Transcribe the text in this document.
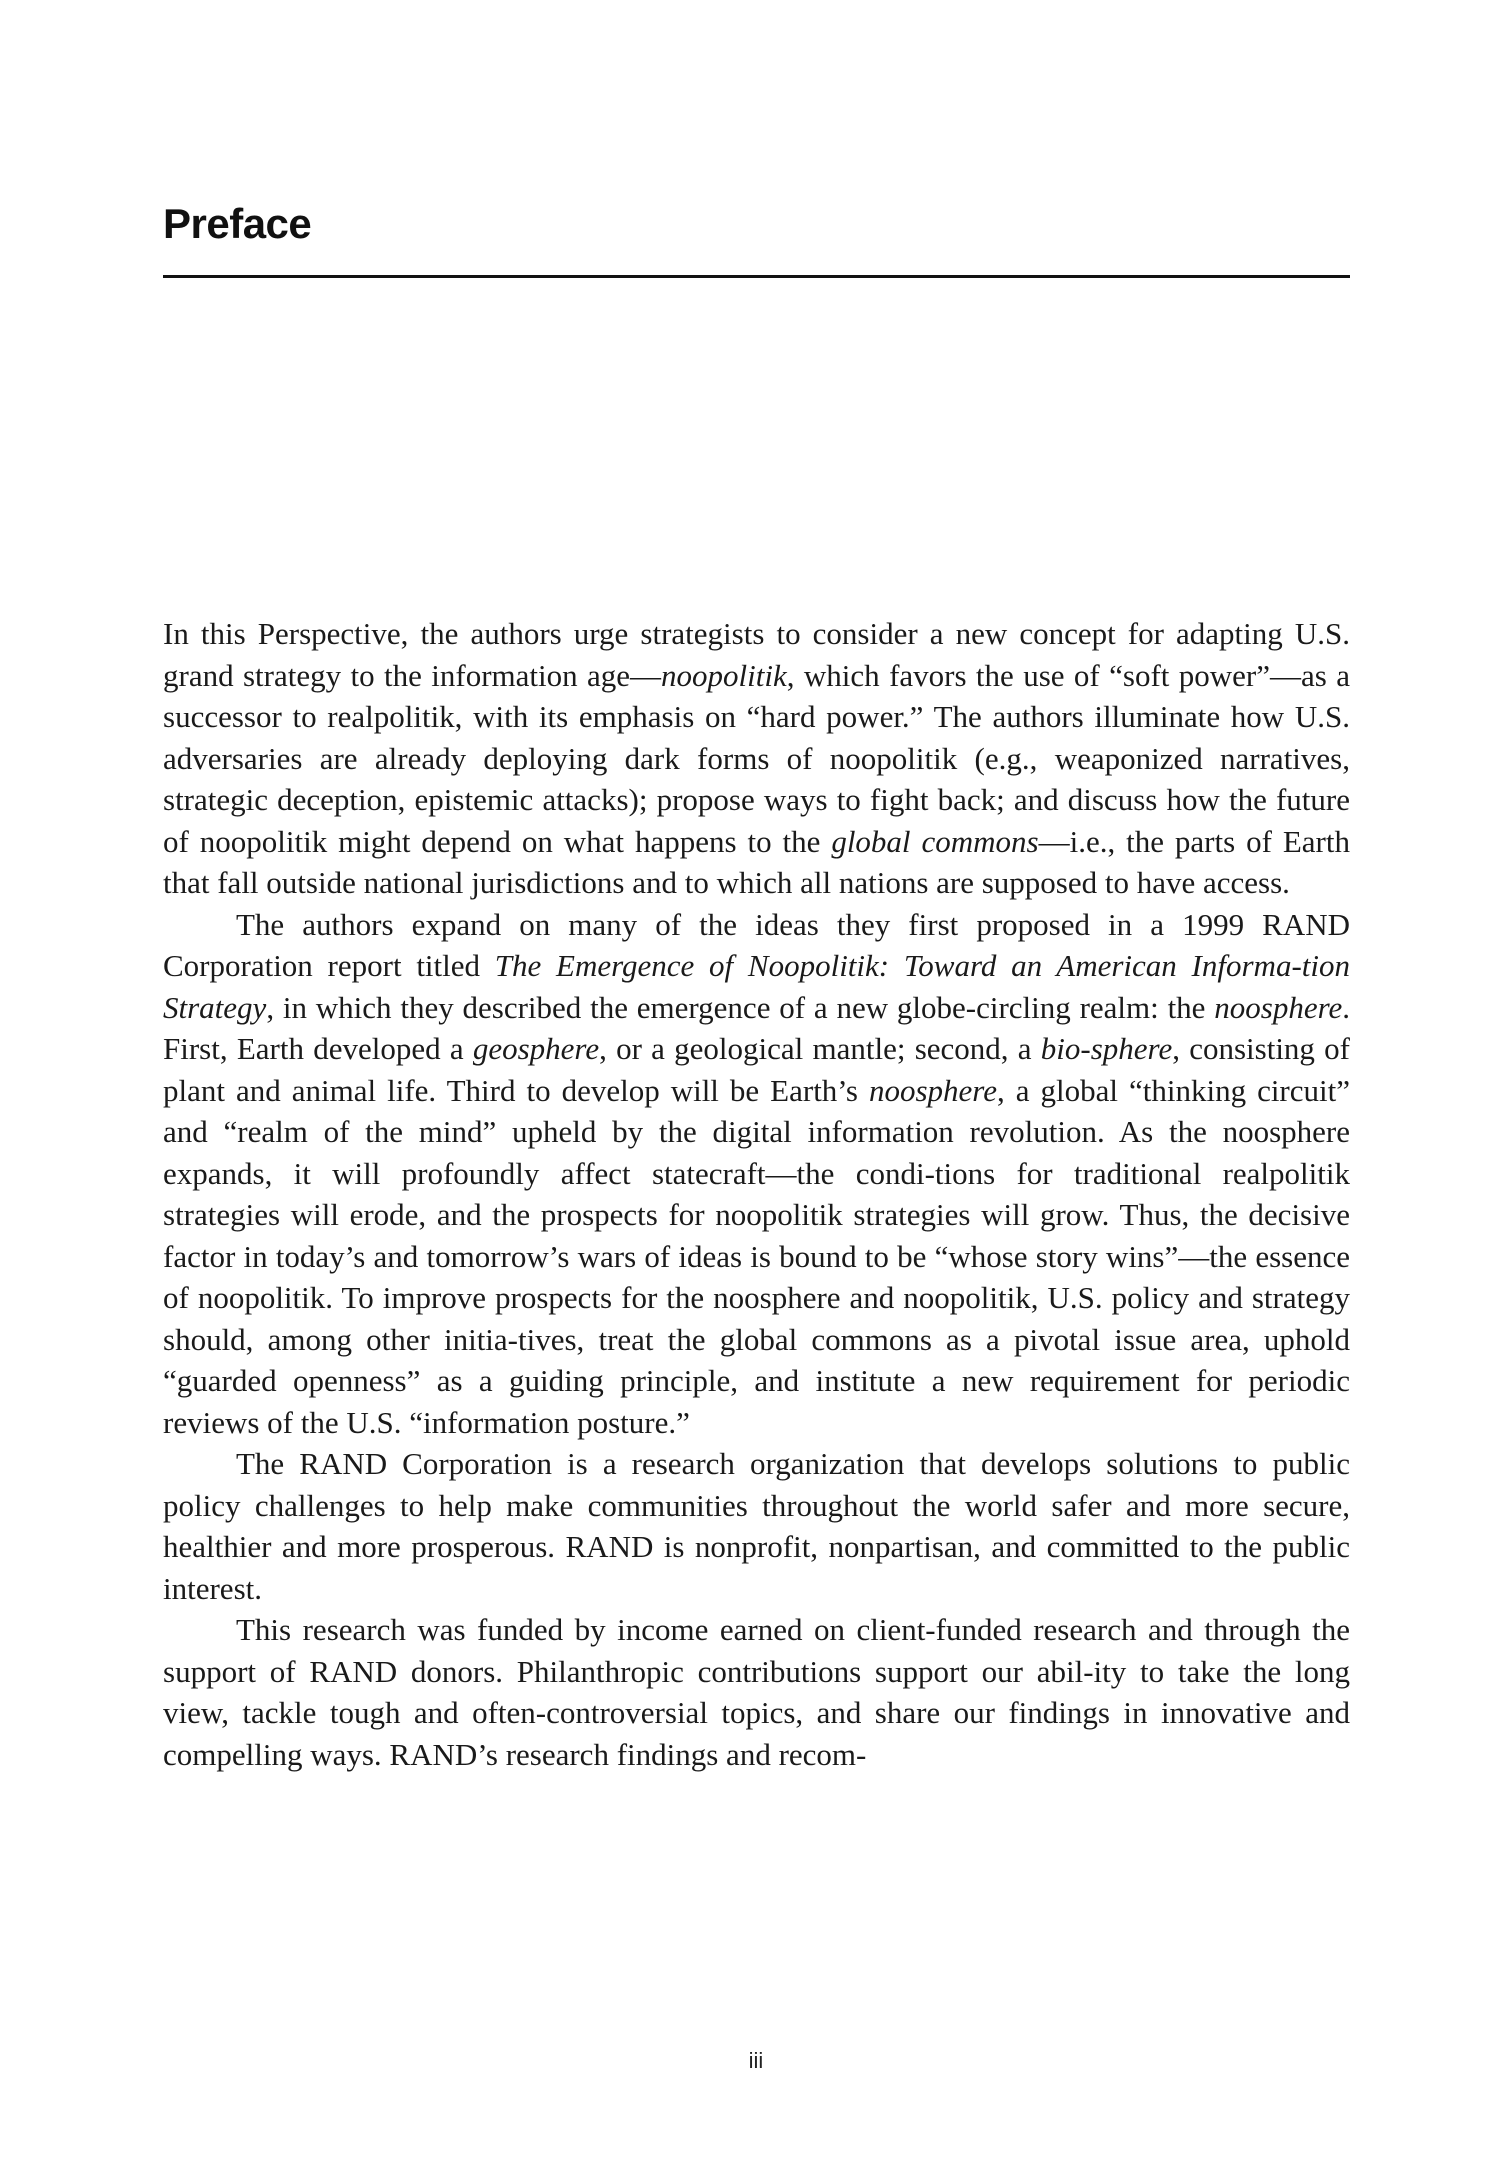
Preface

In this Perspective, the authors urge strategists to consider a new concept for adapting U.S. grand strategy to the information age—noopolitik, which favors the use of “soft power”—as a successor to realpolitik, with its emphasis on “hard power.” The authors illuminate how U.S. adversaries are already deploying dark forms of noopolitik (e.g., weaponized narratives, strategic deception, epistemic attacks); propose ways to fight back; and discuss how the future of noopolitik might depend on what happens to the global commons—i.e., the parts of Earth that fall outside national jurisdictions and to which all nations are supposed to have access.

The authors expand on many of the ideas they first proposed in a 1999 RAND Corporation report titled The Emergence of Noopolitik: Toward an American Informa-tion Strategy, in which they described the emergence of a new globe-circling realm: the noosphere. First, Earth developed a geosphere, or a geological mantle; second, a bio-sphere, consisting of plant and animal life. Third to develop will be Earth’s noosphere, a global “thinking circuit” and “realm of the mind” upheld by the digital information revolution. As the noosphere expands, it will profoundly affect statecraft—the condi-tions for traditional realpolitik strategies will erode, and the prospects for noopolitik strategies will grow. Thus, the decisive factor in today’s and tomorrow’s wars of ideas is bound to be “whose story wins”—the essence of noopolitik. To improve prospects for the noosphere and noopolitik, U.S. policy and strategy should, among other initia-tives, treat the global commons as a pivotal issue area, uphold “guarded openness” as a guiding principle, and institute a new requirement for periodic reviews of the U.S. “information posture.”

The RAND Corporation is a research organization that develops solutions to public policy challenges to help make communities throughout the world safer and more secure, healthier and more prosperous. RAND is nonprofit, nonpartisan, and committed to the public interest.

This research was funded by income earned on client-funded research and through the support of RAND donors. Philanthropic contributions support our abil-ity to take the long view, tackle tough and often-controversial topics, and share our findings in innovative and compelling ways. RAND’s research findings and recom-

iii
